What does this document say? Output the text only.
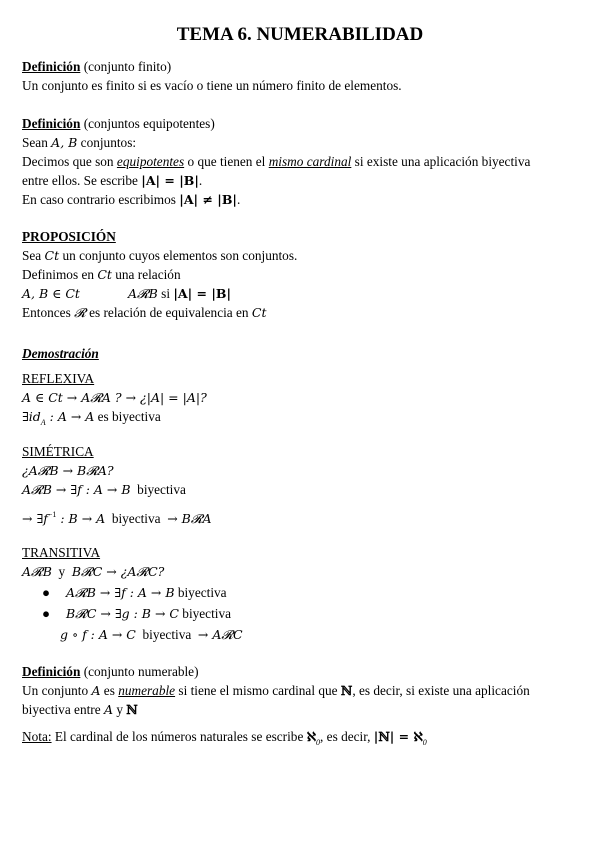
TEMA 6. NUMERABILIDAD
Definición (conjunto finito)
Un conjunto es finito si es vacío o tiene un número finito de elementos.
Definición (conjuntos equipotentes)
Sean A, B conjuntos:
Decimos que son equipotentes o que tienen el mismo cardinal si existe una aplicación biyectiva
entre ellos. Se escribe |A| = |B|.
En caso contrario escribimos |A| ≠ |B|.
PROPOSICIÓN
Sea Ct un conjunto cuyos elementos son conjuntos.
Definimos en Ct una relación
A, B ∈ Ct	A𝓡B si |A| = |B|
Entonces 𝓡 es relación de equivalencia en Ct
Demostración
REFLEXIVA
A ∈ Ct → A𝓡A ? → ¿|A| = |A|?
$\exists id_A$ : A → A es biyectiva
SIMÉTRICA
¿A𝓡B → B𝓡A?
A𝓡B → ∃f : A → B  biyectiva
→ $\exists f^{-1}$ : B → A  biyectiva  → B𝓡A
TRANSITIVA
A𝓡B  y  B𝓡C → ¿A𝓡C?
● A𝓡B → ∃f : A → B biyectiva
● B𝓡C → ∃g : B → C biyectiva
g ∘ f : A → C  biyectiva  → A𝓡C
Definición (conjunto numerable)
Un conjunto A es numerable si tiene el mismo cardinal que ℕ, es decir, si existe una aplicación
biyectiva entre A y ℕ
Nota: El cardinal de los números naturales se escribe ℵ$_0$, es decir, |ℕ| = ℵ$_0$
